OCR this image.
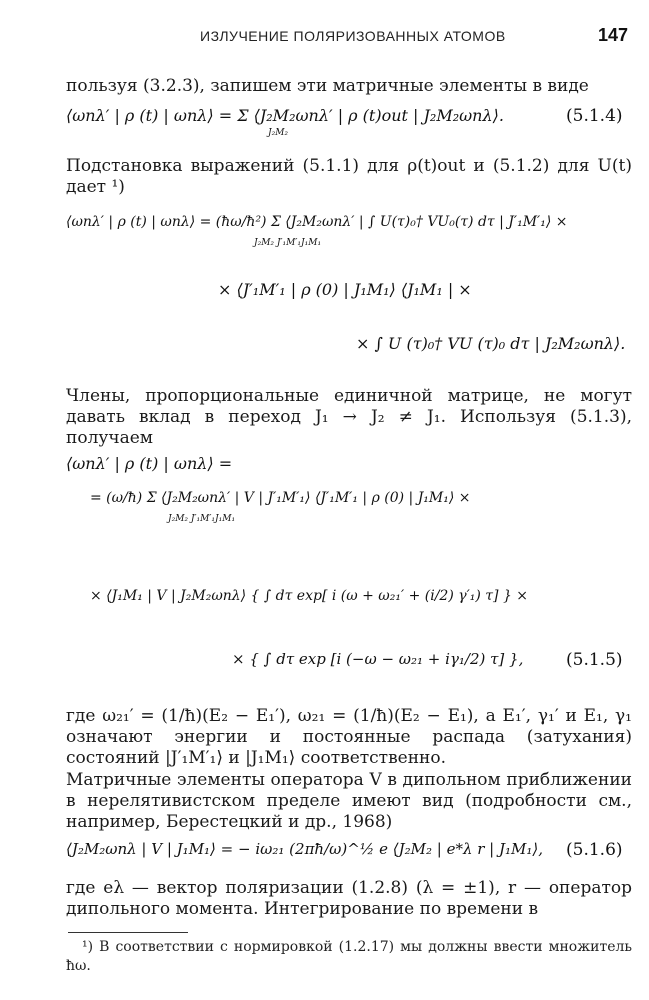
ИЗЛУЧЕНИЕ ПОЛЯРИЗОВАННЫХ АТОМОВ	147
пользуя (3.2.3), запишем эти матричные элементы в виде
⟨ωnλ′ | ρ (t) | ωnλ⟩ = Σ ⟨J₂M₂ωnλ′ | ρ (t)out | J₂M₂ωnλ⟩.
J₂M₂
(5.1.4)
Подстановка выражений (5.1.1) для ρ(t)out и (5.1.2) для U(t) дает ¹)
⟨ωnλ′ | ρ (t) | ωnλ⟩ = (ħω/ħ²) Σ ⟨J₂M₂ωnλ′ | ∫ U(τ)₀† VU₀(τ) dτ | J′₁M′₁⟩ ×
J₂M₂ J′₁M′₁J₁M₁
× ⟨J′₁M′₁ | ρ (0) | J₁M₁⟩ ⟨J₁M₁ | ×
× ∫ U (τ)₀† VU (τ)₀ dτ | J₂M₂ωnλ⟩.
Члены, пропорциональные единичной матрице, не могут давать вклад в переход J₁ → J₂ ≠ J₁. Используя (5.1.3), получаем
⟨ωnλ′ | ρ (t) | ωnλ⟩ =
= (ω/ħ) Σ ⟨J₂M₂ωnλ′ | V | J′₁M′₁⟩ ⟨J′₁M′₁ | ρ (0) | J₁M₁⟩ ×
J₂M₂ J′₁M′₁J₁M₁
× ⟨J₁M₁ | V | J₂M₂ωnλ⟩ { ∫ dτ exp[ i (ω + ω₂₁′ + (i/2) γ′₁) τ] } ×
× { ∫ dτ exp [i (−ω − ω₂₁ + iγ₁/2) τ] },	(5.1.5)
где ω₂₁′ = (1/ħ)(E₂ − E₁′), ω₂₁ = (1/ħ)(E₂ − E₁), а E₁′, γ₁′ и E₁, γ₁ означают энергии и постоянные распада (затухания) состояний |J′₁M′₁⟩ и |J₁M₁⟩ соответственно.
Матричные элементы оператора V в дипольном приближении в нерелятивистском пределе имеют вид (подробности см., например, Берестецкий и др., 1968)
⟨J₂M₂ωnλ | V | J₁M₁⟩ = − iω₂₁ (2πħ/ω)^½ e ⟨J₂M₂ | e*λ r | J₁M₁⟩, (5.1.6)
где eλ — вектор поляризации (1.2.8) (λ = ±1), r — оператор дипольного момента. Интегрирование по времени в
¹) В соответствии с нормировкой (1.2.17) мы должны ввести множитель ħω.
